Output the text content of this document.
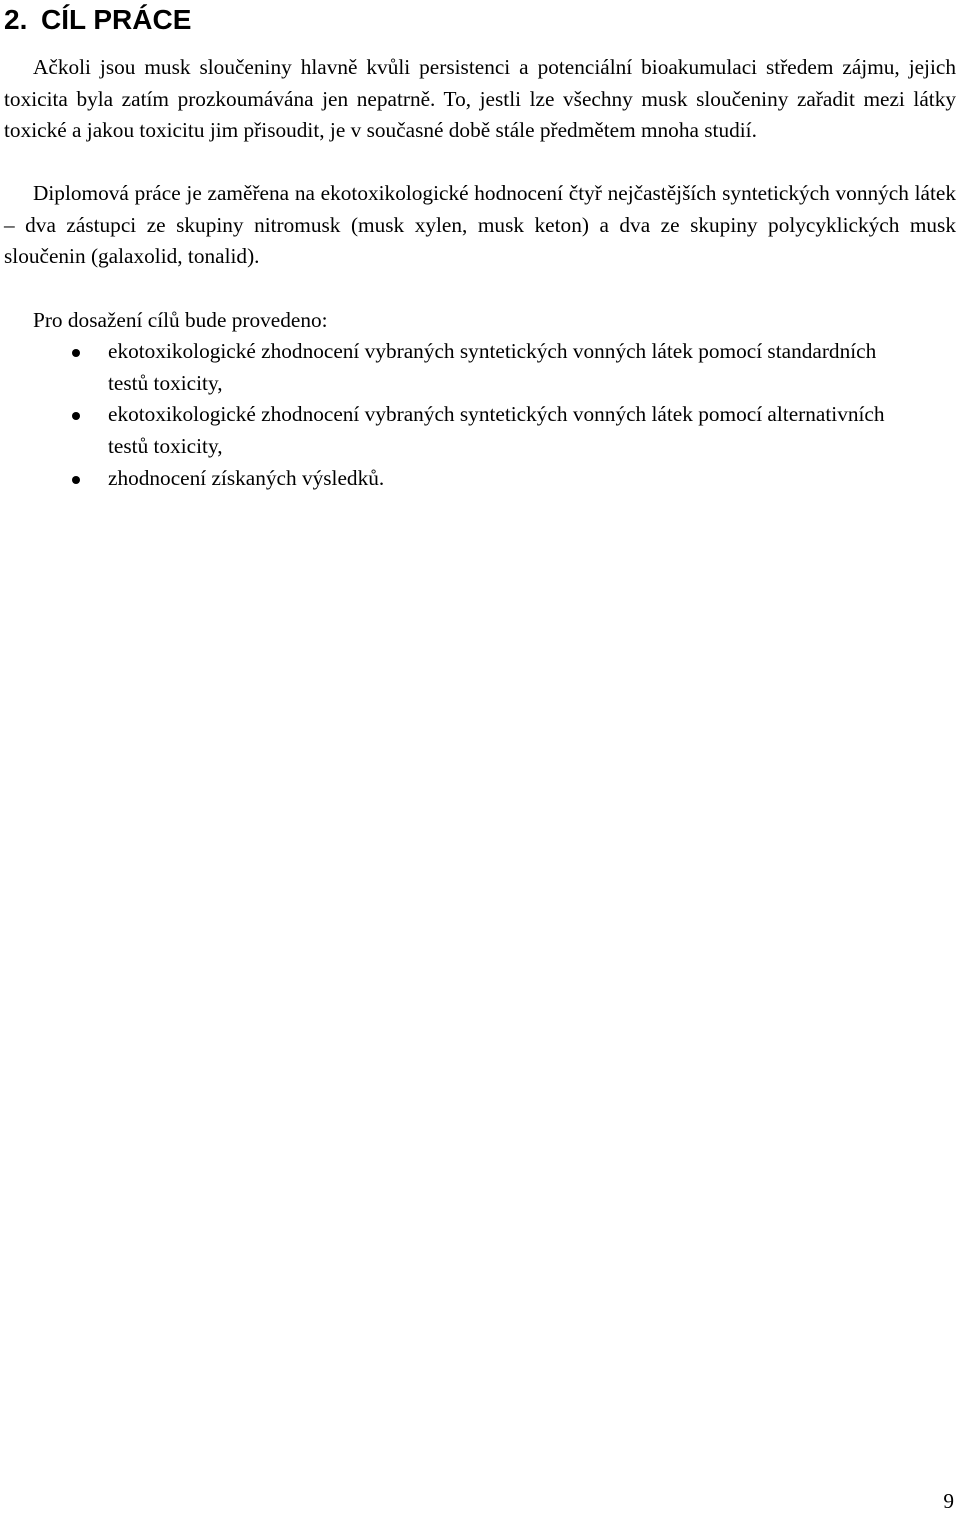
2. CÍL PRÁCE

Ačkoli jsou musk sloučeniny hlavně kvůli persistenci a potenciální bioakumulaci středem zájmu, jejich toxicita byla zatím prozkoumávána jen nepatrně. To, jestli lze všechny musk sloučeniny zařadit mezi látky toxické a jakou toxicitu jim přisoudit, je v současné době stále předmětem mnoha studií.

Diplomová práce je zaměřena na ekotoxikologické hodnocení čtyř nejčastějších syntetických vonných látek – dva zástupci ze skupiny nitromusk (musk xylen, musk keton) a dva ze skupiny polycyklických musk sloučenin (galaxolid, tonalid).

Pro dosažení cílů bude provedeno:

ekotoxikologické zhodnocení vybraných syntetických vonných látek pomocí standardních testů toxicity,
ekotoxikologické zhodnocení vybraných syntetických vonných látek pomocí alternativních testů toxicity,
zhodnocení získaných výsledků.
9
